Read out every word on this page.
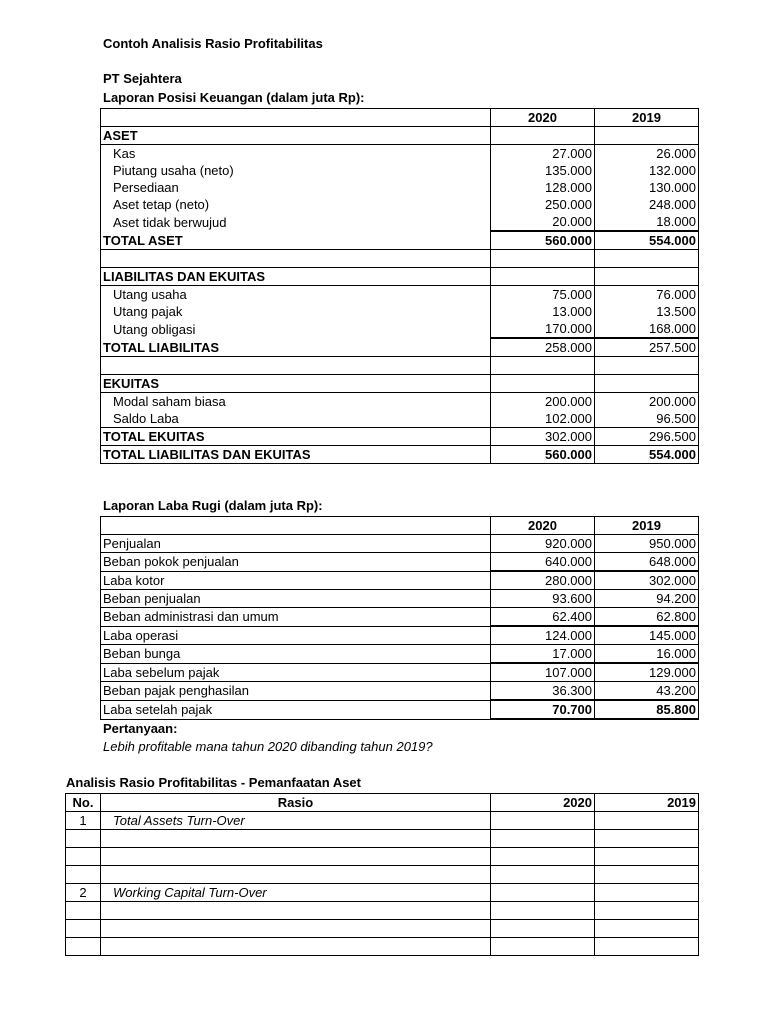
Contoh Analisis Rasio Profitabilitas
PT Sejahtera
Laporan Posisi Keuangan (dalam juta Rp):
	2020	2019
ASET		
Kas	27.000	26.000
Piutang usaha (neto)	135.000	132.000
Persediaan	128.000	130.000
Aset tetap (neto)	250.000	248.000
Aset tidak berwujud	20.000	18.000
TOTAL ASET	560.000	554.000

LIABILITAS DAN EKUITAS		
Utang usaha	75.000	76.000
Utang pajak	13.000	13.500
Utang obligasi	170.000	168.000
TOTAL LIABILITAS	258.000	257.500

EKUITAS		
Modal saham biasa	200.000	200.000
Saldo Laba	102.000	96.500
TOTAL EKUITAS	302.000	296.500
TOTAL LIABILITAS DAN EKUITAS	560.000	554.000
Laporan Laba Rugi (dalam juta Rp):
	2020	2019
Penjualan	920.000	950.000
Beban pokok penjualan	640.000	648.000
Laba kotor	280.000	302.000
Beban penjualan	93.600	94.200
Beban administrasi dan umum	62.400	62.800
Laba operasi	124.000	145.000
Beban bunga	17.000	16.000
Laba sebelum pajak	107.000	129.000
Beban pajak penghasilan	36.300	43.200
Laba setelah pajak	70.700	85.800
Pertanyaan:
Lebih profitable mana tahun 2020 dibanding tahun 2019?
Analisis Rasio Profitabilitas - Pemanfaatan Aset
No.	Rasio	2020	2019
1	Total Assets Turn-Over		

2	Working Capital Turn-Over		
